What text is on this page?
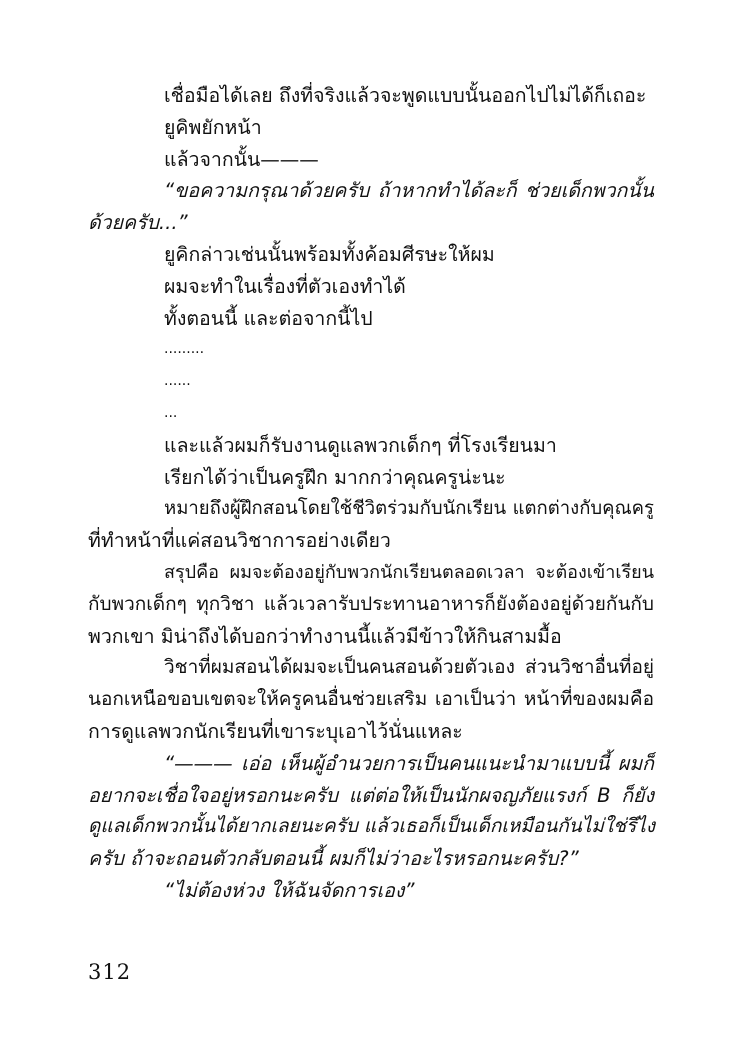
เชื่อมือได้เลย ถึงที่จริงแล้วจะพูดแบบนั้นออกไปไม่ได้ก็เถอะ
ยูคิพยักหน้า
แล้วจากนั้น———
“ขอความกรุณาด้วยครับ ถ้าหากทำได้ละก็ ช่วยเด็กพวกนั้น
ด้วยครับ...”
ยูคิกล่าวเช่นนั้นพร้อมทั้งค้อมศีรษะให้ผม
ผมจะทำในเรื่องที่ตัวเองทำได้
ทั้งตอนนี้ และต่อจากนี้ไป
.........
......
...
และแล้วผมก็รับงานดูแลพวกเด็กๆ ที่โรงเรียนมา
เรียกได้ว่าเป็นครูฝึก มากกว่าคุณครูน่ะนะ
หมายถึงผู้ฝึกสอนโดยใช้ชีวิตร่วมกับนักเรียน แตกต่างกับคุณครู
ที่ทำหน้าที่แค่สอนวิชาการอย่างเดียว
สรุปคือ ผมจะต้องอยู่กับพวกนักเรียนตลอดเวลา จะต้องเข้าเรียน
กับพวกเด็กๆ ทุกวิชา แล้วเวลารับประทานอาหารก็ยังต้องอยู่ด้วยกันกับ
พวกเขา มิน่าถึงได้บอกว่าทำงานนี้แล้วมีข้าวให้กินสามมื้อ
วิชาที่ผมสอนได้ผมจะเป็นคนสอนด้วยตัวเอง ส่วนวิชาอื่นที่อยู่
นอกเหนือขอบเขตจะให้ครูคนอื่นช่วยเสริม เอาเป็นว่า หน้าที่ของผมคือ
การดูแลพวกนักเรียนที่เขาระบุเอาไว้นั่นแหละ
“——— เอ่อ เห็นผู้อำนวยการเป็นคนแนะนำมาแบบนี้ ผมก็
อยากจะเชื่อใจอยู่หรอกนะครับ แต่ต่อให้เป็นนักผจญภัยแรงก์ B ก็ยัง
ดูแลเด็กพวกนั้นได้ยากเลยนะครับ แล้วเธอก็เป็นเด็กเหมือนกันไม่ใช่รึไง
ครับ ถ้าจะถอนตัวกลับตอนนี้ ผมก็ไม่ว่าอะไรหรอกนะครับ?”
“ไม่ต้องห่วง ให้ฉันจัดการเอง”
312
